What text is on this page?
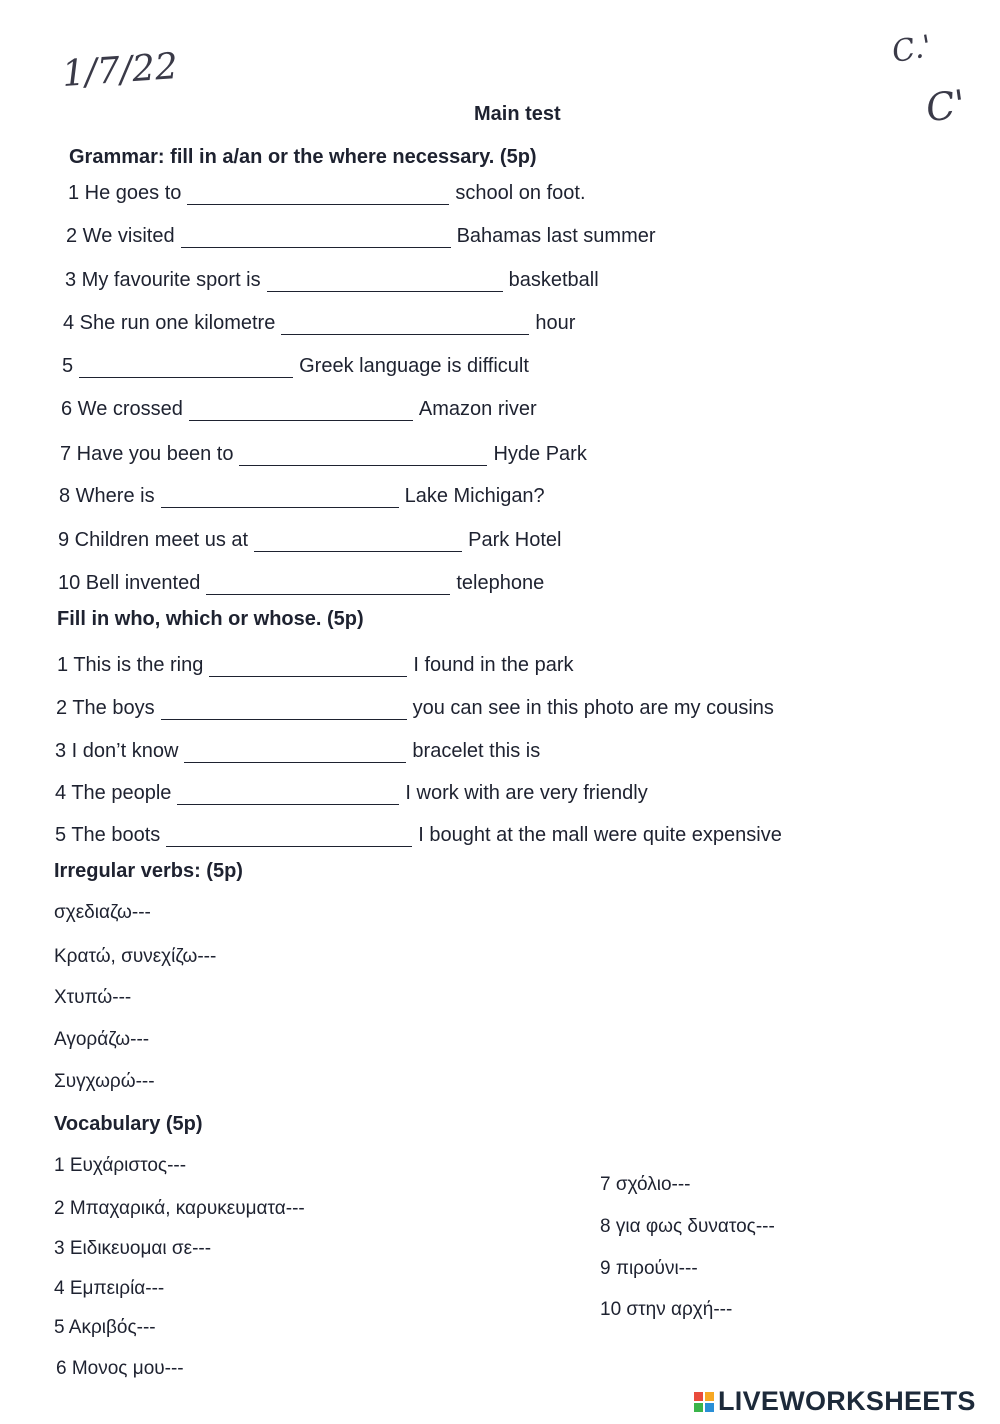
1/7/22	C.'
C'
Main test
Grammar: fill in a/an or the where necessary. (5p)
1 He goes to	school on foot.
2 We visited	Bahamas last summer
3 My favourite sport is	basketball
4 She run one kilometre	hour
5	Greek language is difficult
6 We crossed	Amazon river
7 Have you been to	Hyde Park
8 Where is	Lake Michigan?
9 Children meet us at	Park Hotel
10 Bell invented	telephone
Fill in who, which or whose. (5p)
1 This is the ring	I found in the park
2 The boys	you can see in this photo are my cousins
3 I don’t know	bracelet this is
4 The people	I work with are very friendly
5 The boots	I bought at the mall were quite expensive
Irregular verbs: (5p)
σχεδιαζω---
Κρατώ, συνεχίζω---
Χτυπώ---
Αγοράζω---
Συγχωρώ---
Vocabulary (5p)
1 Ευχάριστος---
2 Μπαχαρικά, καρυκευματα---
3 Ειδικευομαι σε---
4 Εμπειρία---
5 Ακριβός---
6 Μονος μου---
7 σχόλιο---
8 για φως δυνατος---
9 πιρούνι---
10 στην αρχή---
LIVEWORKSHEETS
